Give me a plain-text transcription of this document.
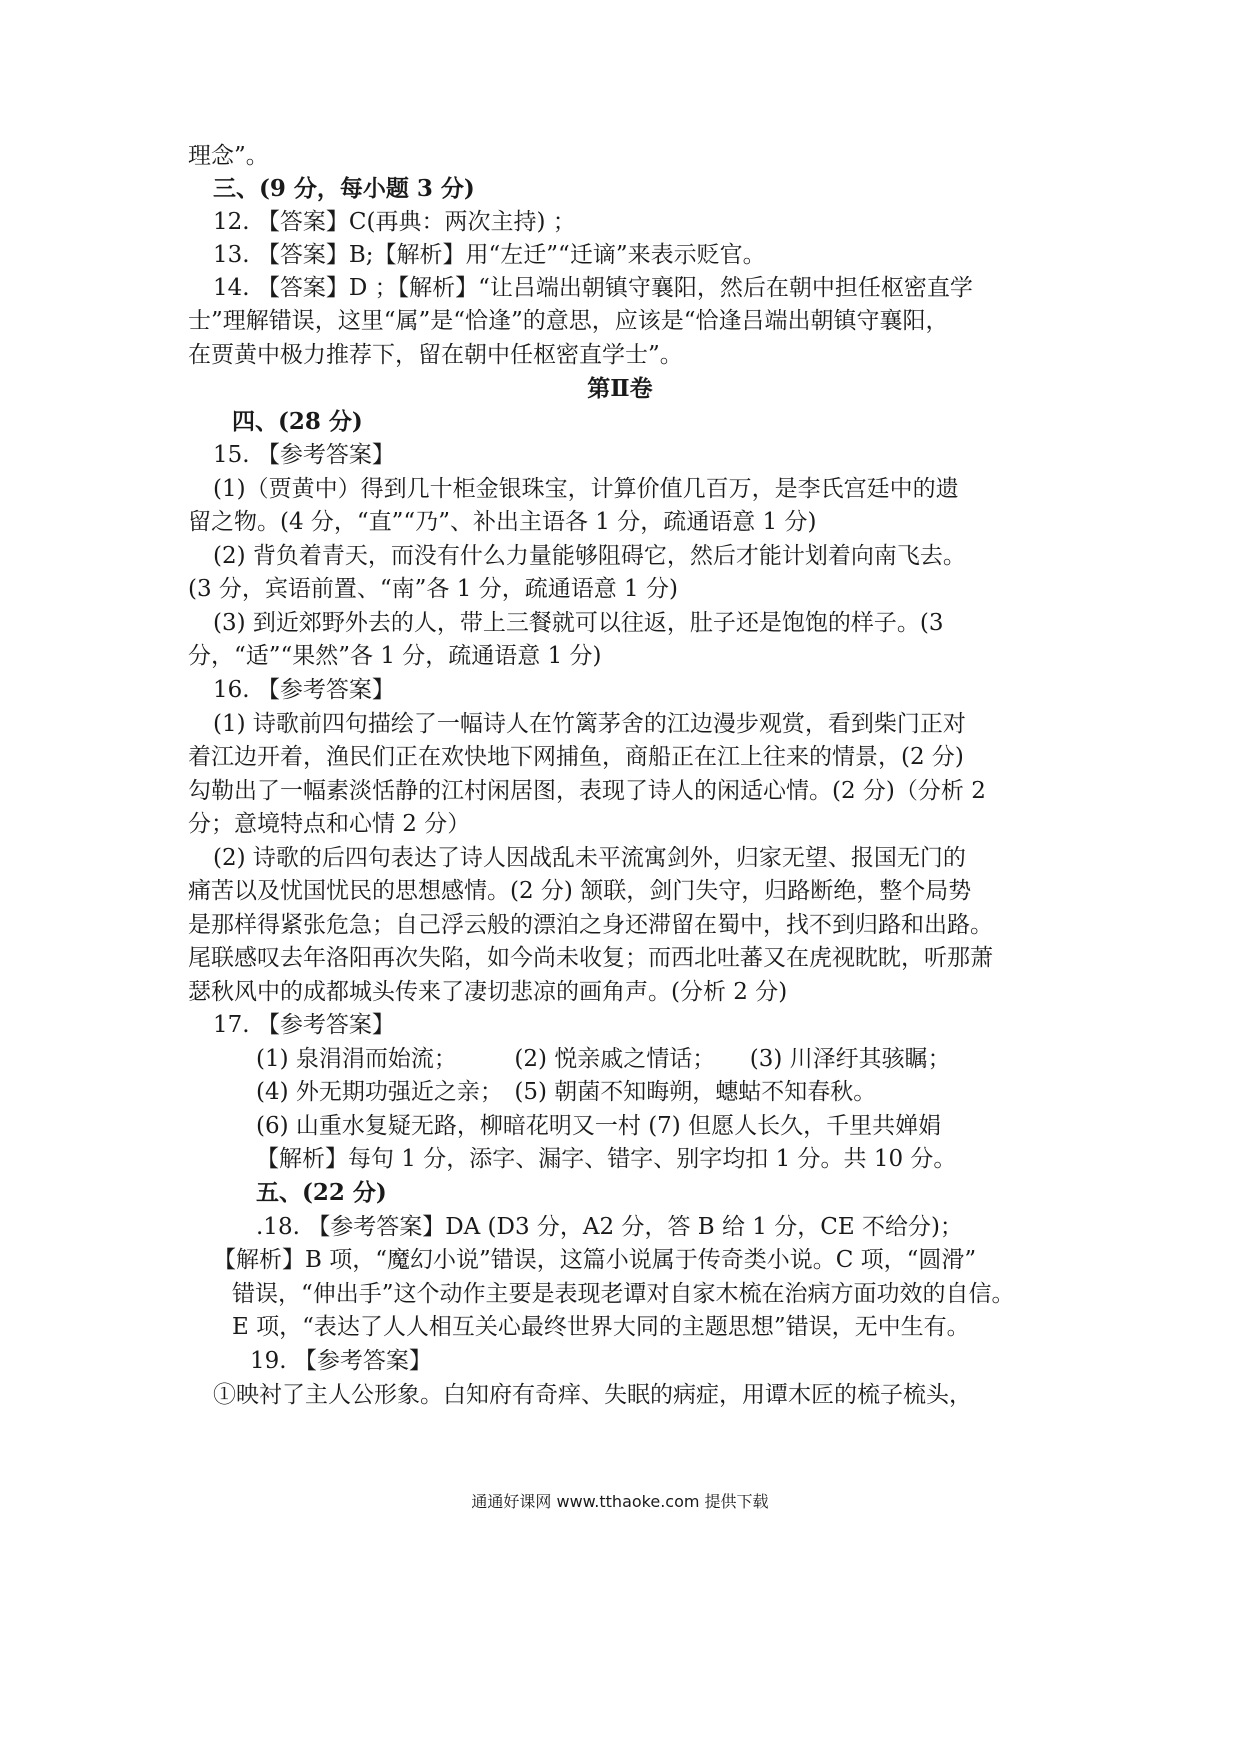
理念”。
三、(9 分，每小题 3 分)
12. 【答案】C(再典：两次主持) ；
13. 【答案】B;【解析】用“左迁”“迁谪”来表示贬官。
14. 【答案】D ；【解析】“让吕端出朝镇守襄阳，然后在朝中担任枢密直学
士”理解错误，这里“属”是“恰逢”的意思，应该是“恰逢吕端出朝镇守襄阳，
在贾黄中极力推荐下，留在朝中任枢密直学士”。
第Ⅱ卷
四、(28 分)
15. 【参考答案】
(1)（贾黄中）得到几十柜金银珠宝，计算价值几百万，是李氏宫廷中的遗
留之物。(4 分，“直”“乃”、补出主语各 1 分，疏通语意 1 分)
(2) 背负着青天，而没有什么力量能够阻碍它，然后才能计划着向南飞去。
(3 分，宾语前置、“南”各 1 分，疏通语意 1 分)
(3) 到近郊野外去的人，带上三餐就可以往返，肚子还是饱饱的样子。(3
分，“适”“果然”各 1 分，疏通语意 1 分)
16. 【参考答案】
(1) 诗歌前四句描绘了一幅诗人在竹篱茅舍的江边漫步观赏，看到柴门正对
着江边开着，渔民们正在欢快地下网捕鱼，商船正在江上往来的情景，(2 分)
勾勒出了一幅素淡恬静的江村闲居图，表现了诗人的闲适心情。(2 分)（分析 2
分；意境特点和心情 2 分）
(2) 诗歌的后四句表达了诗人因战乱未平流寓剑外，归家无望、报国无门的
痛苦以及忧国忧民的思想感情。(2 分) 颔联，剑门失守，归路断绝，整个局势
是那样得紧张危急；自己浮云般的漂泊之身还滞留在蜀中，找不到归路和出路。
尾联感叹去年洛阳再次失陷，如今尚未收复；而西北吐蕃又在虎视眈眈，听那萧
瑟秋风中的成都城头传来了凄切悲凉的画角声。(分析 2 分)
17. 【参考答案】
(1) 泉涓涓而始流；　　　(2) 悦亲戚之情话；　　(3) 川泽纡其骇瞩；
(4) 外无期功强近之亲；　(5) 朝菌不知晦朔，蟪蛄不知春秋。
(6) 山重水复疑无路，柳暗花明又一村 (7) 但愿人长久，千里共婵娟
【解析】每句 1 分，添字、漏字、错字、别字均扣 1 分。共 10 分。
五、(22 分)
.18. 【参考答案】DA (D3 分，A2 分，答 B 给 1 分，CE 不给分)；
【解析】B 项，“魔幻小说”错误，这篇小说属于传奇类小说。C 项，“圆滑”
错误，“伸出手”这个动作主要是表现老谭对自家木梳在治病方面功效的自信。
E 项，“表达了人人相互关心最终世界大同的主题思想”错误，无中生有。
19. 【参考答案】
①映衬了主人公形象。白知府有奇痒、失眠的病症，用谭木匠的梳子梳头，
通通好课网 www.tthaoke.com 提供下载
